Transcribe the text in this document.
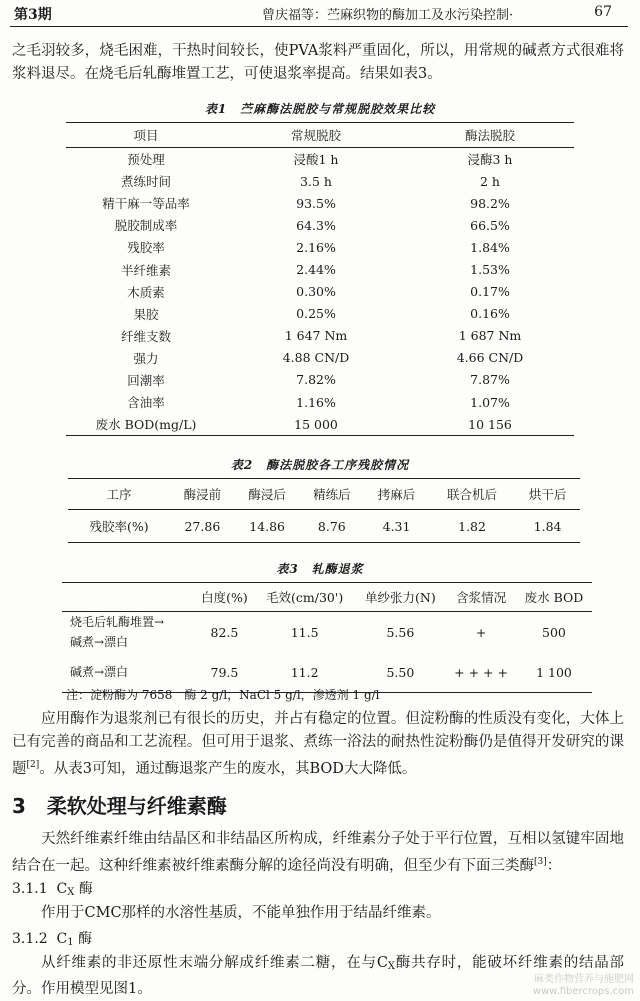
第3期	曾庆福等：苎麻织物的酶加工及水污染控制·	67
之毛羽较多，烧毛困难，干热时间较长，使PVA浆料严重固化，所以，用常规的碱煮方式很难将浆料退尽。在烧毛后轧酶堆置工艺，可使退浆率提高。结果如表3。
表1　苎麻酶法脱胶与常规脱胶效果比较
项目	常规脱胶	酶法脱胶
预处理	浸酸1 h	浸酶3 h
煮练时间	3.5 h	2 h
精干麻一等品率	93.5%	98.2%
脱胶制成率	64.3%	66.5%
残胶率	2.16%	1.84%
半纤维素	2.44%	1.53%
木质素	0.30%	0.17%
果胶	0.25%	0.16%
纤维支数	1 647 Nm	1 687 Nm
强力	4.88 CN/D	4.66 CN/D
回潮率	7.82%	7.87%
含油率	1.16%	1.07%
废水 BOD(mg/L)	15 000	10 156
表2　酶法脱胶各工序残胶情况
工序	酶浸前	酶浸后	精练后	拷麻后	联合机后	烘干后
残胶率(%)	27.86	14.86	8.76	4.31	1.82	1.84
表3　轧酶退浆
	白度(%)	毛效(cm/30')	单纱张力(N)	含浆情况	废水 BOD

烧毛后轧酶堆置→
碱煮→漂白	82.5	11.5	5.56	+	500

碱煮→漂白	79.5	11.2	5.50	+ + + +	1 100
注：淀粉酶为 7658　酶 2 g/l，NaCl 5 g/l，渗透剂 1 g/l
应用酶作为退浆剂已有很长的历史，并占有稳定的位置。但淀粉酶的性质没有变化，大体上已有完善的商品和工艺流程。但可用于退浆、煮练一浴法的耐热性淀粉酶仍是值得开发研究的课题[2]。从表3可知，通过酶退浆产生的废水，其BOD大大降低。
3 柔软处理与纤维素酶
天然纤维素纤维由结晶区和非结晶区所构成，纤维素分子处于平行位置，互相以氢键牢固地结合在一起。这种纤维素被纤维素酶分解的途径尚没有明确，但至少有下面三类酶[3]：
3.1.1 CX 酶
作用于CMC那样的水溶性基质，不能单独作用于结晶纤维素。
3.1.2 C1 酶
从纤维素的非还原性末端分解成纤维素二糖，在与CX酶共存时，能破坏纤维素的结晶部分。作用模型见图1。
麻类作物营养与施肥网
www.fibercrops.com
